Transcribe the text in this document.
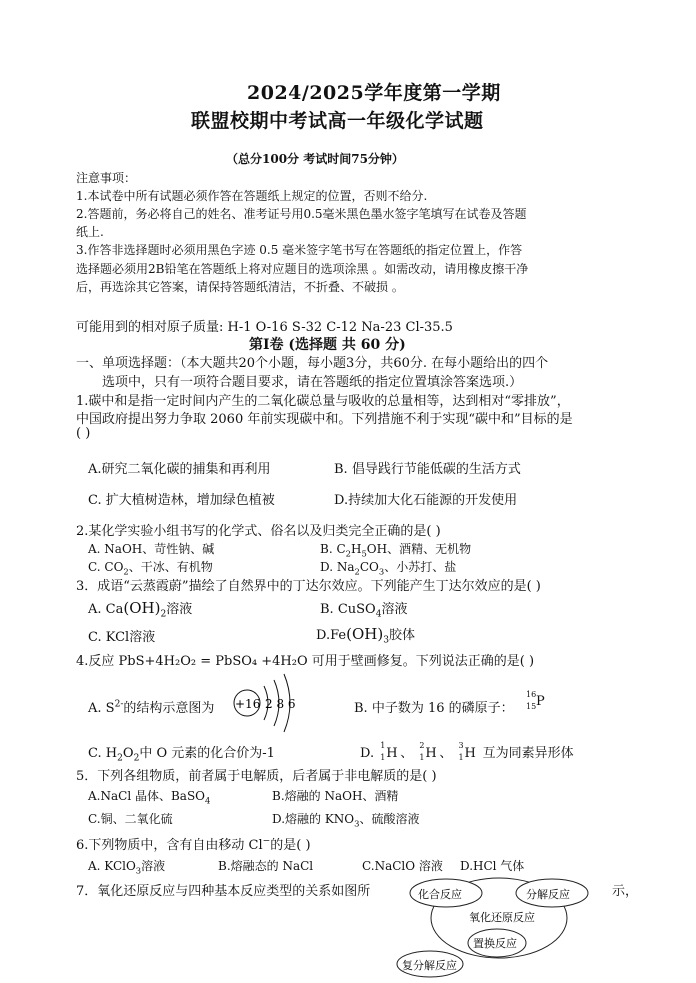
2024/2025学年度第一学期
联盟校期中考试高一年级化学试题
（总分100分 考试时间75分钟）
注意事项：
1.本试卷中所有试题必须作答在答题纸上规定的位置，否则不给分.
2.答题前，务必将自己的姓名、准考证号用0.5毫米黑色墨水签字笔填写在试卷及答题
纸上.
3.作答非选择题时必须用黑色字迹 0.5 毫米签字笔书写在答题纸的指定位置上，作答
选择题必须用2B铅笔在答题纸上将对应题目的选项涂黑 。如需改动，请用橡皮擦干净
后，再选涂其它答案，请保持答题纸清洁，不折叠、不破损 。
可能用到的相对原子质量: H-1 O-16 S-32 C-12 Na-23 Cl-35.5
第Ⅰ卷 (选择题 共 60 分)
一、单项选择题：（本大题共20个小题，每小题3分，共60分. 在每小题给出的四个
选项中，只有一项符合题目要求，请在答题纸的指定位置填涂答案选项.）
1.碳中和是指一定时间内产生的二氧化碳总量与吸收的总量相等，达到相对“零排放”，
中国政府提出努力争取 2060 年前实现碳中和。下列措施不利于实现“碳中和”目标的是
( )
A.研究二氧化碳的捕集和再利用	B. 倡导践行节能低碳的生活方式
C. 扩大植树造林，增加绿色植被	D.持续加大化石能源的开发使用
2.某化学实验小组书写的化学式、俗名以及归类完全正确的是( )
A. NaOH、苛性钠、碱	B. $C_2H_5OH$、酒精、无机物
C. $CO_2$、干冰、有机物	D. $Na_2CO_3$、小苏打、盐
3．成语“云蒸霞蔚”描绘了自然界中的丁达尔效应。下列能产生丁达尔效应的是( )
A. $Ca(OH)_2$溶液	B. CuSO$_4$溶液
C. KCl溶液	$D.Fe(OH)_3$胶体
4.反应 PbS+4H₂O₂ = PbSO₄ +4H₂O 可用于壁画修复。下列说法正确的是( )
A. $S^{2-}$的结构示意图为 +16 2 8 6	B. 中子数为 16 的磷原子：
16
15 P
C. $H_2O_2$中 O 元素的化合价为-1	D.
1
1 H 、
2
1 H 、
3
1 H 互为同素异形体
5．下列各组物质，前者属于电解质，后者属于非电解质的是( )
A.NaCl 晶体、BaSO$_4$	B.熔融的 NaOH、酒精
C.铜、二氧化硫	D.熔融的 $KNO_3$、硫酸溶液
6.下列物质中，含有自由移动 Cl−的是( )
A. KClO$_3$溶液	B.熔融态的 NaCl	C.NaClO 溶液 D.HCl 气体
7．氧化还原反应与四种基本反应类型的关系如图所	示，
化合反应	分解反应
氧化还原反应
置换反应
复分解反应
